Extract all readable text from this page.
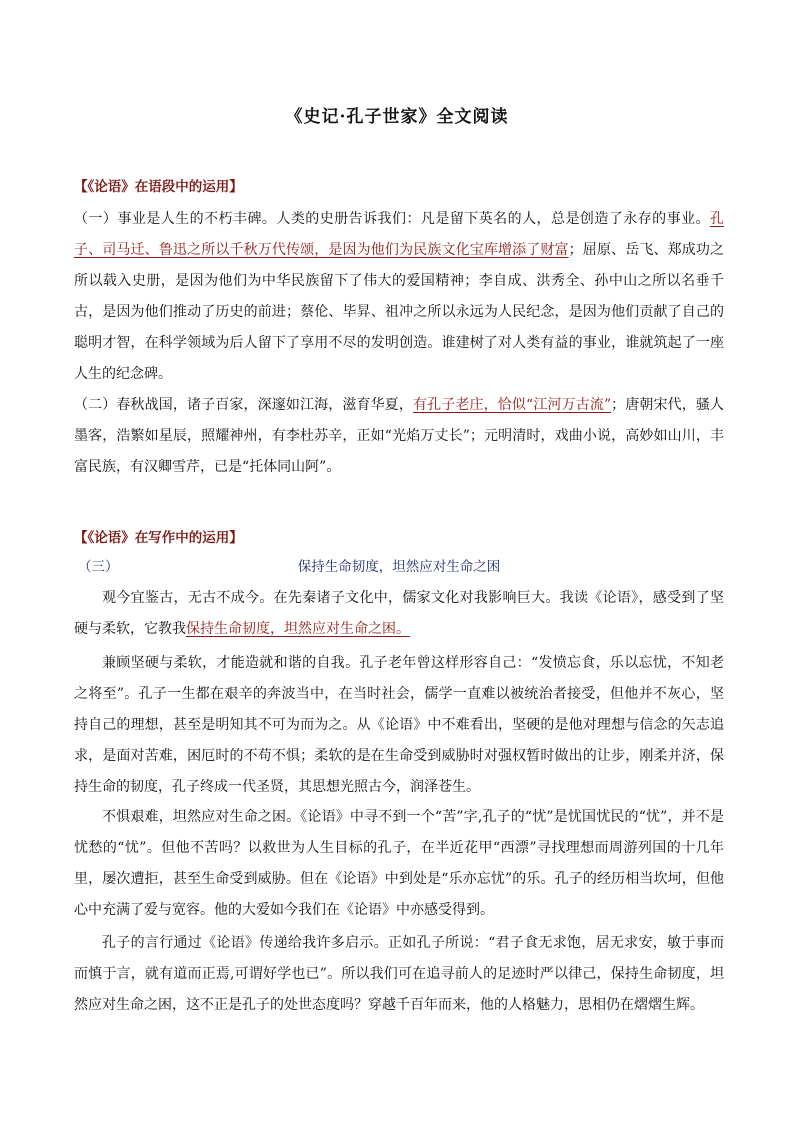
《史记·孔子世家》全文阅读
【《论语》在语段中的运用】
（一）事业是人生的不朽丰碑。人类的史册告诉我们：凡是留下英名的人，总是创造了永存的事业。孔子、司马迁、鲁迅之所以千秋万代传颂，是因为他们为民族文化宝库增添了财富；屈原、岳飞、郑成功之所以载入史册，是因为他们为中华民族留下了伟大的爱国精神；李自成、洪秀全、孙中山之所以名垂千古，是因为他们推动了历史的前进；蔡伦、毕昇、祖冲之所以永远为人民纪念，是因为他们贡献了自己的聪明才智，在科学领域为后人留下了享用不尽的发明创造。谁建树了对人类有益的事业，谁就筑起了一座人生的纪念碑。
（二）春秋战国，诸子百家，深邃如江海，滋育华夏，有孔子老庄，恰似“江河万古流”；唐朝宋代，骚人墨客，浩繁如星辰，照耀神州，有李杜苏辛，正如“光焰万丈长”；元明清时，戏曲小说，高妙如山川，丰富民族，有汉卿雪芹，已是“托体同山阿”。
【《论语》在写作中的运用】
保持生命韧度，坦然应对生命之困
（三）
观今宜鉴古，无古不成今。在先秦诸子文化中，儒家文化对我影响巨大。我读《论语》，感受到了坚硬与柔软，它教我保持生命韧度，坦然应对生命之困。
兼顾坚硬与柔软，才能造就和谐的自我。孔子老年曾这样形容自己：“发愤忘食，乐以忘忧，不知老之将至”。孔子一生都在艰辛的奔波当中，在当时社会，儒学一直难以被统治者接受，但他并不灰心，坚持自己的理想，甚至是明知其不可为而为之。从《论语》中不难看出，坚硬的是他对理想与信念的矢志追求，是面对苦难，困厄时的不苟不惧；柔软的是在生命受到威胁时对强权暂时做出的让步，刚柔并济，保持生命的韧度，孔子终成一代圣贤，其思想光照古今，润泽苍生。
不惧艰难，坦然应对生命之困。《论语》中寻不到一个“苦”字,孔子的“忧”是忧国忧民的“忧”，并不是忧愁的“忧”。但他不苦吗？以救世为人生目标的孔子，在半近花甲“西漂”寻找理想而周游列国的十几年里，屡次遭拒，甚至生命受到威胁。但在《论语》中到处是“乐亦忘忧”的乐。孔子的经历相当坎坷，但他心中充满了爱与宽容。他的大爱如今我们在《论语》中亦感受得到。
孔子的言行通过《论语》传递给我许多启示。正如孔子所说：“君子食无求饱，居无求安，敏于事而而慎于言，就有道而正焉,可谓好学也已”。所以我们可在追寻前人的足迹时严以律己，保持生命韧度，坦然应对生命之困，这不正是孔子的处世态度吗？穿越千百年而来，他的人格魅力，思相仍在熠熠生辉。
